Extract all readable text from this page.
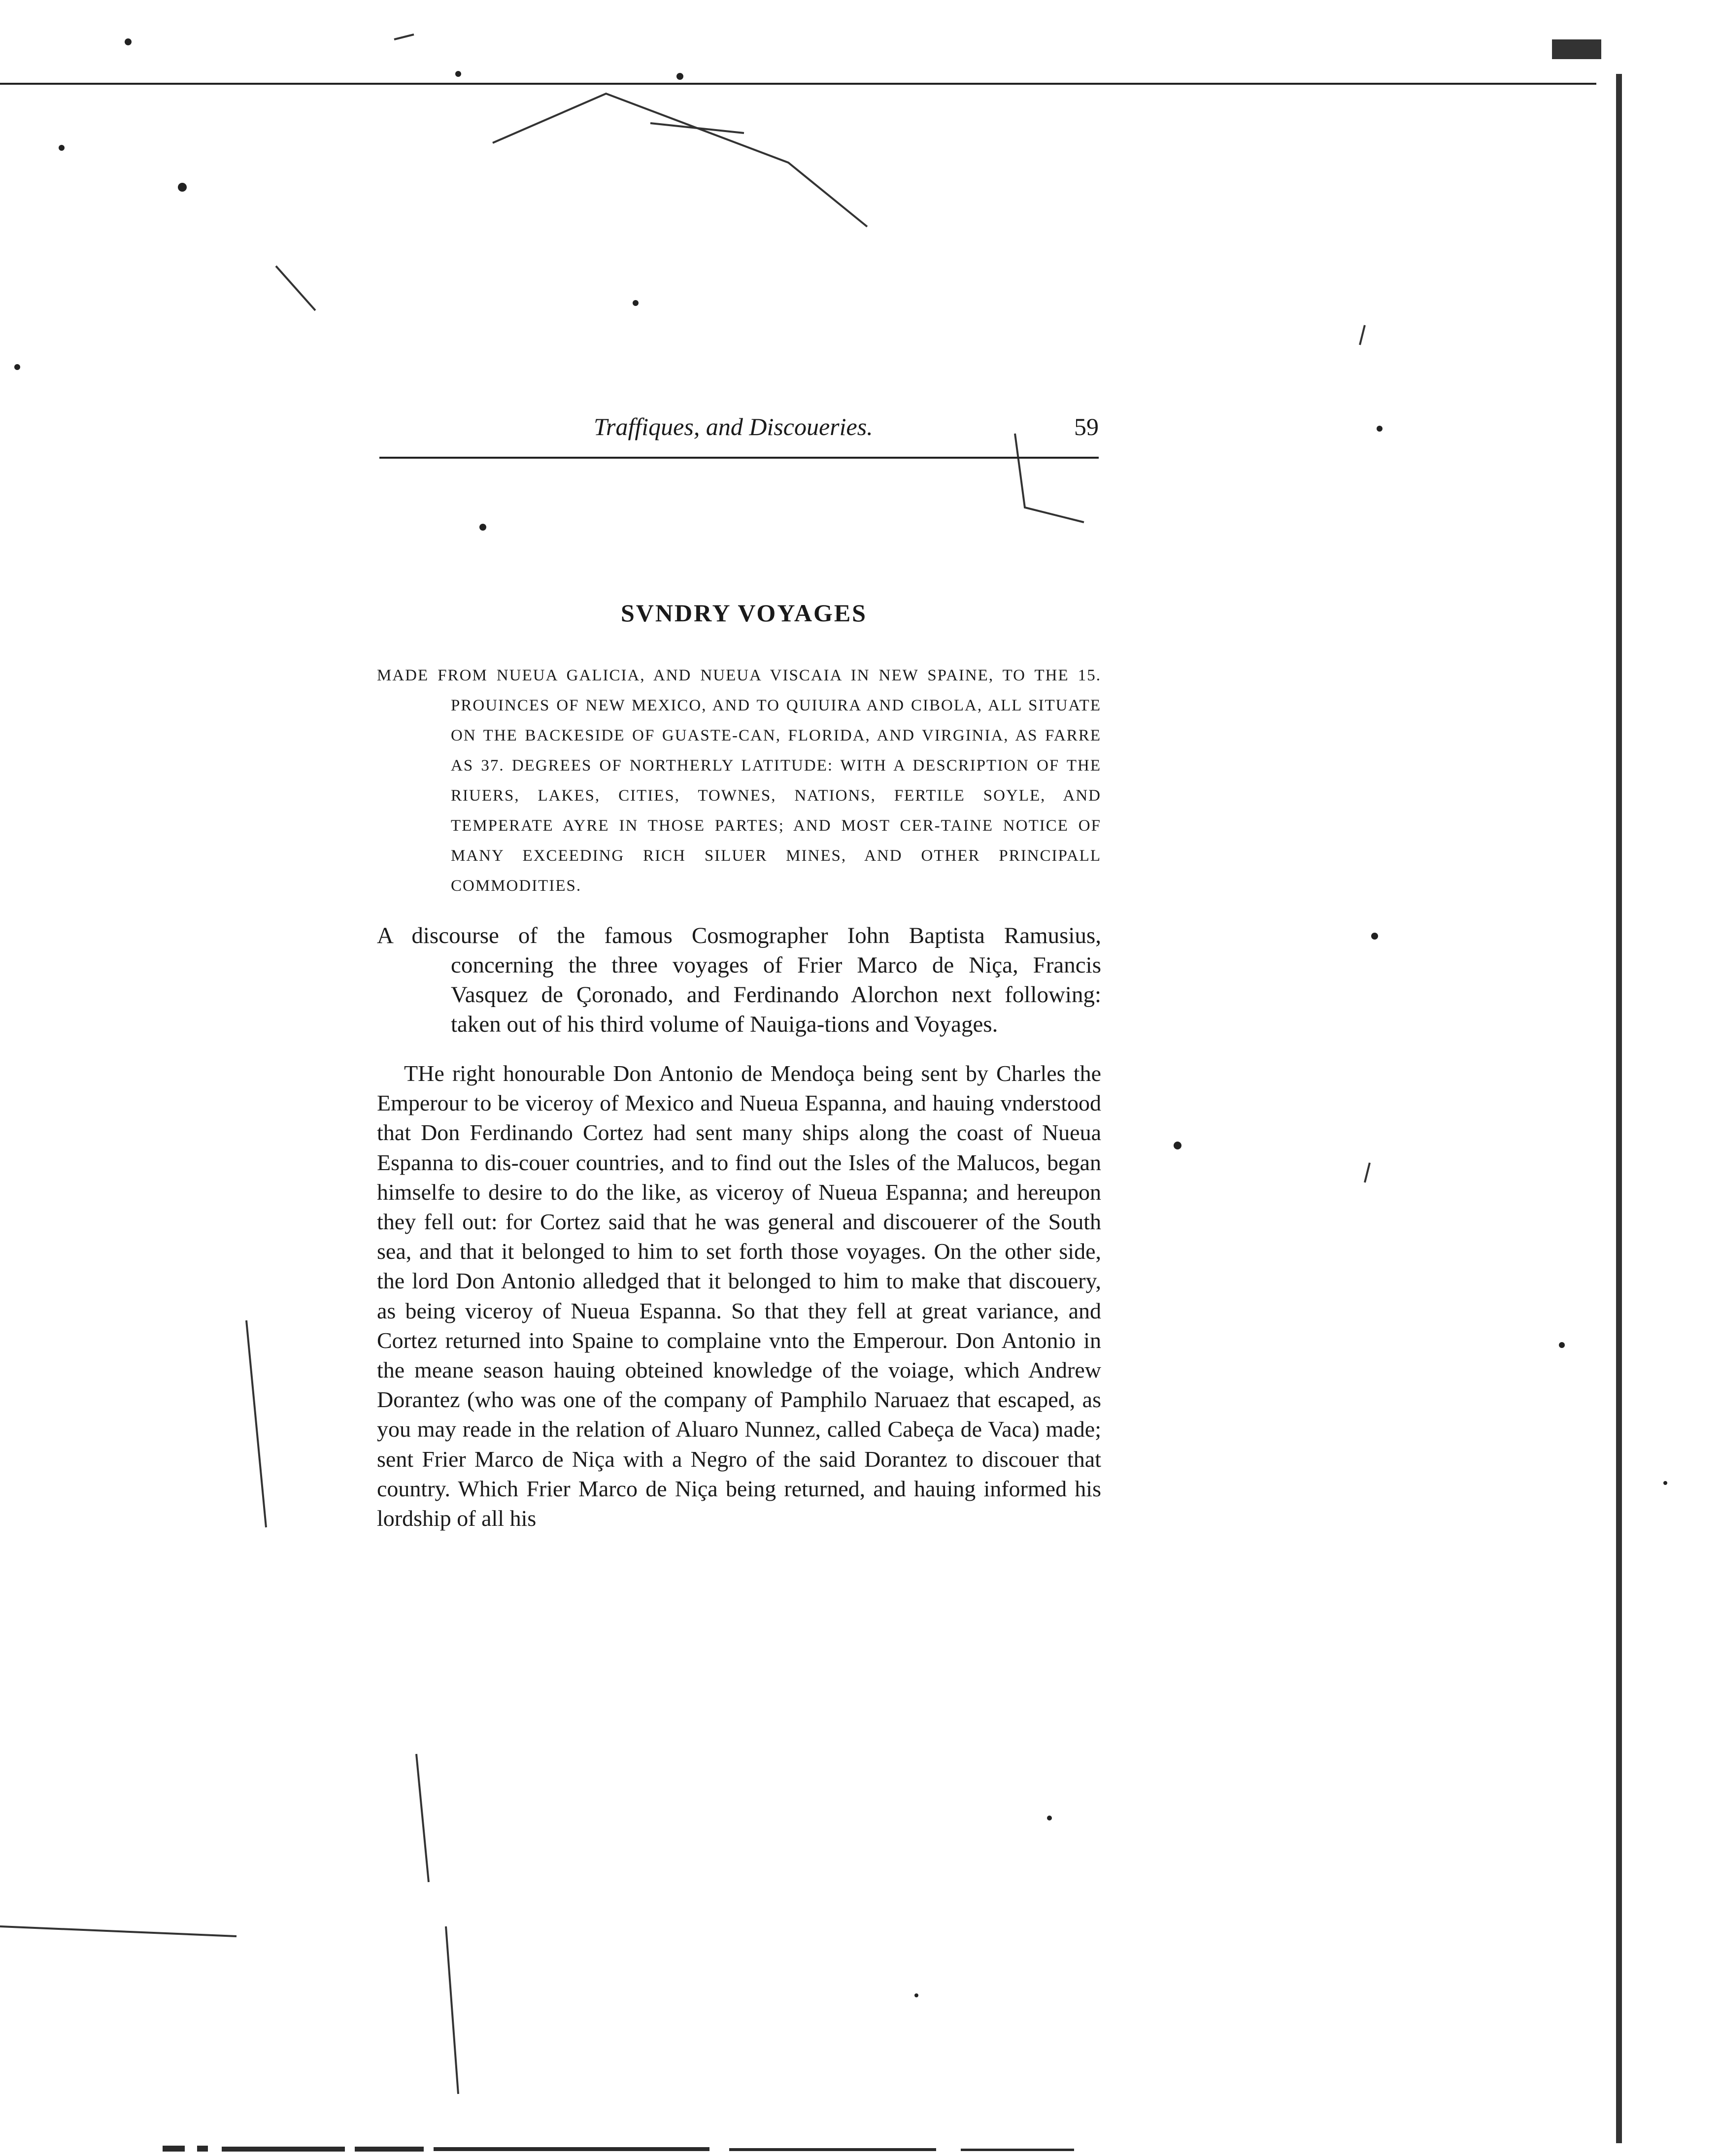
Traffiques, and Discoueries.	59
SVNDRY VOYAGES

MADE FROM NUEUA GALICIA, AND NUEUA VISCAIA IN NEW SPAINE, TO THE 15. PROUINCES OF NEW MEXICO, AND TO QUIUIRA AND CIBOLA, ALL SITUATE ON THE BACKESIDE OF GUASTE-CAN, FLORIDA, AND VIRGINIA, AS FARRE AS 37. DEGREES OF NORTHERLY LATITUDE: WITH A DESCRIPTION OF THE RIUERS, LAKES, CITIES, TOWNES, NATIONS, FERTILE SOYLE, AND TEMPERATE AYRE IN THOSE PARTES; AND MOST CER-TAINE NOTICE OF MANY EXCEEDING RICH SILUER MINES, AND OTHER PRINCIPALL COMMODITIES.

A discourse of the famous Cosmographer Iohn Baptista Ramusius, concerning the three voyages of Frier Marco de Niça, Francis Vasquez de Çoronado, and Ferdinando Alorchon next following: taken out of his third volume of Nauiga-tions and Voyages.

THe right honourable Don Antonio de Mendoça being sent by Charles the Emperour to be viceroy of Mexico and Nueua Espanna, and hauing vnderstood that Don Ferdinando Cortez had sent many ships along the coast of Nueua Espanna to dis-couer countries, and to find out the Isles of the Malucos, began himselfe to desire to do the like, as viceroy of Nueua Espanna; and hereupon they fell out: for Cortez said that he was general and discouerer of the South sea, and that it belonged to him to set forth those voyages. On the other side, the lord Don Antonio alledged that it belonged to him to make that discouery, as being viceroy of Nueua Espanna. So that they fell at great variance, and Cortez returned into Spaine to complaine vnto the Emperour. Don Antonio in the meane season hauing obteined knowledge of the voiage, which Andrew Dorantez (who was one of the company of Pamphilo Naruaez that escaped, as you may reade in the relation of Aluaro Nunnez, called Cabeça de Vaca) made; sent Frier Marco de Niça with a Negro of the said Dorantez to discouer that country. Which Frier Marco de Niça being returned, and hauing informed his lordship of all his
